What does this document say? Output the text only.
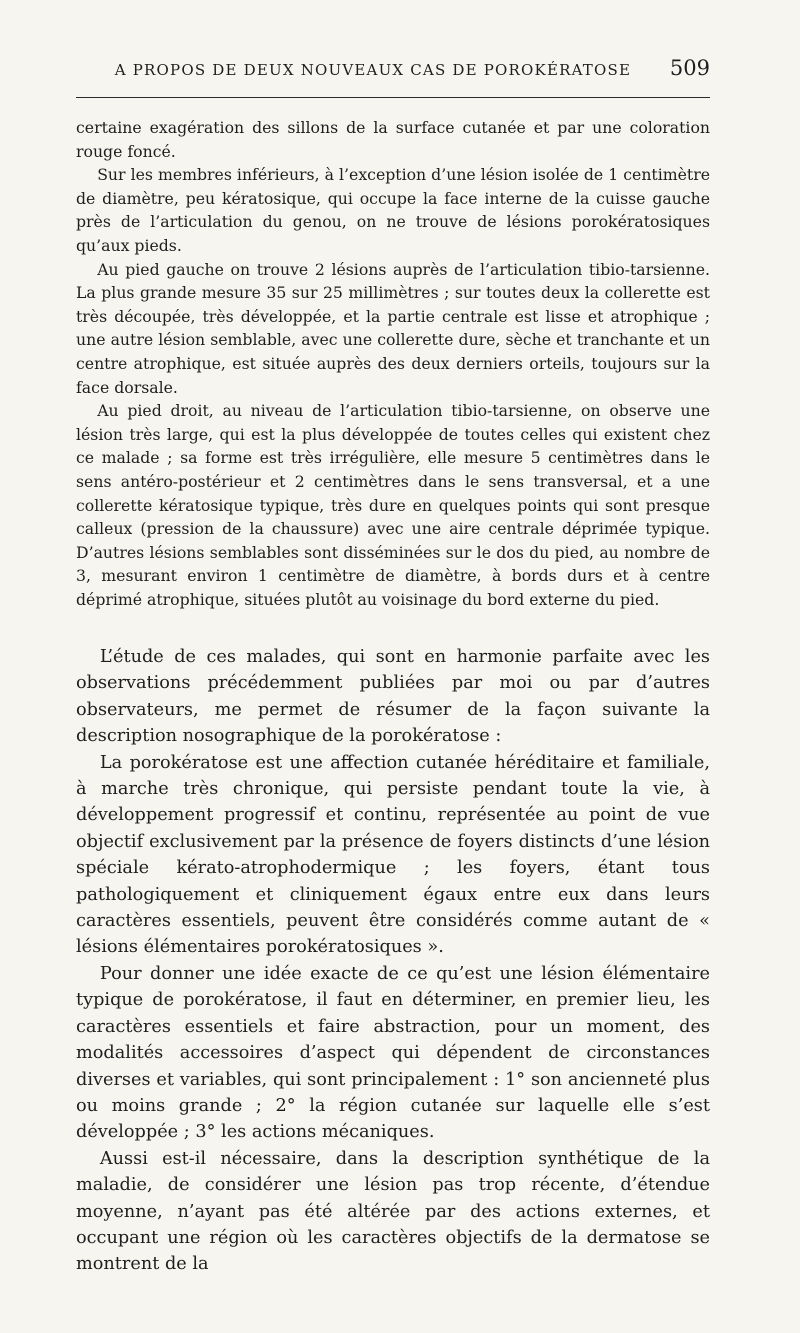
A PROPOS DE DEUX NOUVEAUX CAS DE POROKÉRATOSE	509

certaine exagération des sillons de la surface cutanée et par une coloration rouge foncé.

Sur les membres inférieurs, à l’exception d’une lésion isolée de 1 centimètre de diamètre, peu kératosique, qui occupe la face interne de la cuisse gauche près de l’articulation du genou, on ne trouve de lésions porokératosiques qu’aux pieds.

Au pied gauche on trouve 2 lésions auprès de l’articulation tibio-tarsienne. La plus grande mesure 35 sur 25 millimètres ; sur toutes deux la collerette est très découpée, très développée, et la partie centrale est lisse et atrophique ; une autre lésion semblable, avec une collerette dure, sèche et tranchante et un centre atrophique, est située auprès des deux derniers orteils, toujours sur la face dorsale.

Au pied droit, au niveau de l’articulation tibio-tarsienne, on observe une lésion très large, qui est la plus développée de toutes celles qui existent chez ce malade ; sa forme est très irrégulière, elle mesure 5 centimètres dans le sens antéro-postérieur et 2 centimètres dans le sens transversal, et a une collerette kératosique typique, très dure en quelques points qui sont presque calleux (pression de la chaussure) avec une aire centrale déprimée typique. D’autres lésions semblables sont disséminées sur le dos du pied, au nombre de 3, mesurant environ 1 centimètre de diamètre, à bords durs et à centre déprimé atrophique, situées plutôt au voisinage du bord externe du pied.

L’étude de ces malades, qui sont en harmonie parfaite avec les observations précédemment publiées par moi ou par d’autres observateurs, me permet de résumer de la façon suivante la description nosographique de la porokératose :

La porokératose est une affection cutanée héréditaire et familiale, à marche très chronique, qui persiste pendant toute la vie, à développement progressif et continu, représentée au point de vue objectif exclusivement par la présence de foyers distincts d’une lésion spéciale kérato-atrophodermique ; les foyers, étant tous pathologiquement et cliniquement égaux entre eux dans leurs caractères essentiels, peuvent être considérés comme autant de « lésions élémentaires porokératosiques ».

Pour donner une idée exacte de ce qu’est une lésion élémentaire typique de porokératose, il faut en déterminer, en premier lieu, les caractères essentiels et faire abstraction, pour un moment, des modalités accessoires d’aspect qui dépendent de circonstances diverses et variables, qui sont principalement : 1° son ancienneté plus ou moins grande ; 2° la région cutanée sur laquelle elle s’est développée ; 3° les actions mécaniques.

Aussi est-il nécessaire, dans la description synthétique de la maladie, de considérer une lésion pas trop récente, d’étendue moyenne, n’ayant pas été altérée par des actions externes, et occupant une région où les caractères objectifs de la dermatose se montrent de la
